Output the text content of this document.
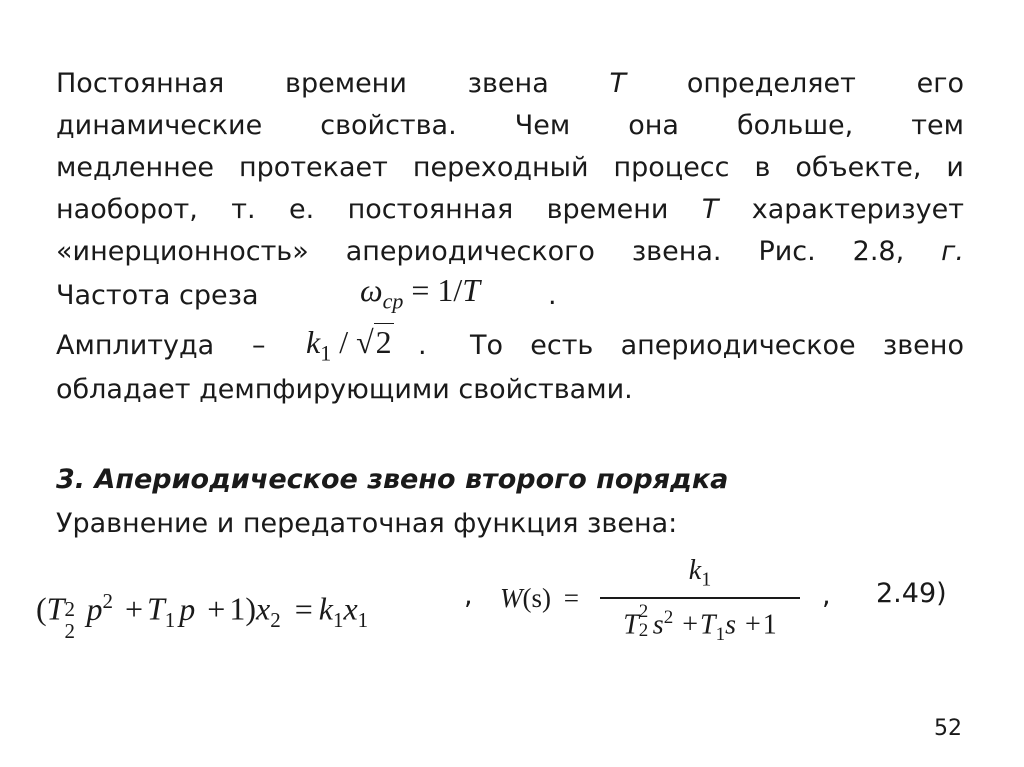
Постоянная времени звена T определяет его
динамические свойства. Чем она больше, тем
медленнее протекает переходный процесс в объекте, и
наоборот, т. е. постоянная времени T характеризует
«инерционность» апериодического звена. Рис. 2.8, г.
Частота среза	$\omega_{cp} = 1/T$	.
Амплитуда – $k_1 / √2$ . То есть апериодическое звено
обладает демпфирующими свойствами.
3. Апериодическое звено второго порядка
Уравнение и передаточная функция звена:
(T 2
2
$p^2 + T_1$ $p + 1)x_2 = k_1x_1$
, W(s) =
$k_1$
T 2
2 $s^2 +T_1s +1$
, 2.49)
52
